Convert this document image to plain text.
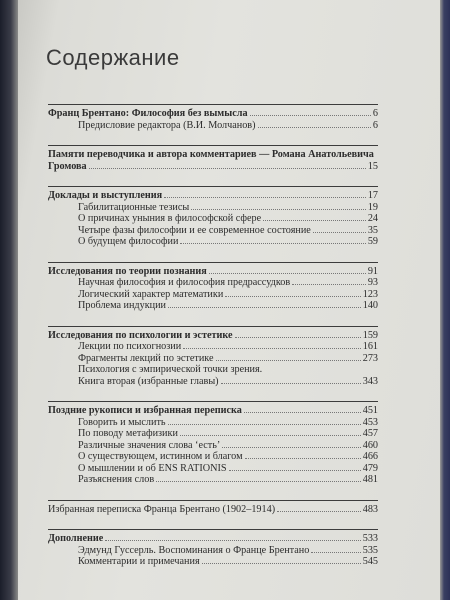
Содержание
Франц Брентано: Философия без вымысла	6
Предисловие редактора (В.И. Молчанов)	6
Памяти переводчика и автора комментариев — Романа Анатольевича
Громова	15
Доклады и выступления	17
Габилитационные тезисы	19
О причинах уныния в философской сфере	24
Четыре фазы философии и ее современное состояние	35
О будущем философии	59
Исследования по теории познания	91
Научная философия и философия предрассудков	93
Логический характер математики	123
Проблема индукции	140
Исследования по психологии и эстетике	159
Лекции по психогнозии	161
Фрагменты лекций по эстетике	273
Психология с эмпирической точки зрения.
Книга вторая (избранные главы)	343
Поздние рукописи и избранная переписка	451
Говорить и мыслить	453
По поводу метафизики	457
Различные значения слова ‘есть’	460
О существующем, истинном и благом	466
О мышлении и об ENS RATIONIS	479
Разъяснения слов	481
Избранная переписка Франца Брентано (1902–1914)	483
Дополнение	533
Эдмунд Гуссерль. Воспоминания о Франце Брентано	535
Комментарии и примечания	545
